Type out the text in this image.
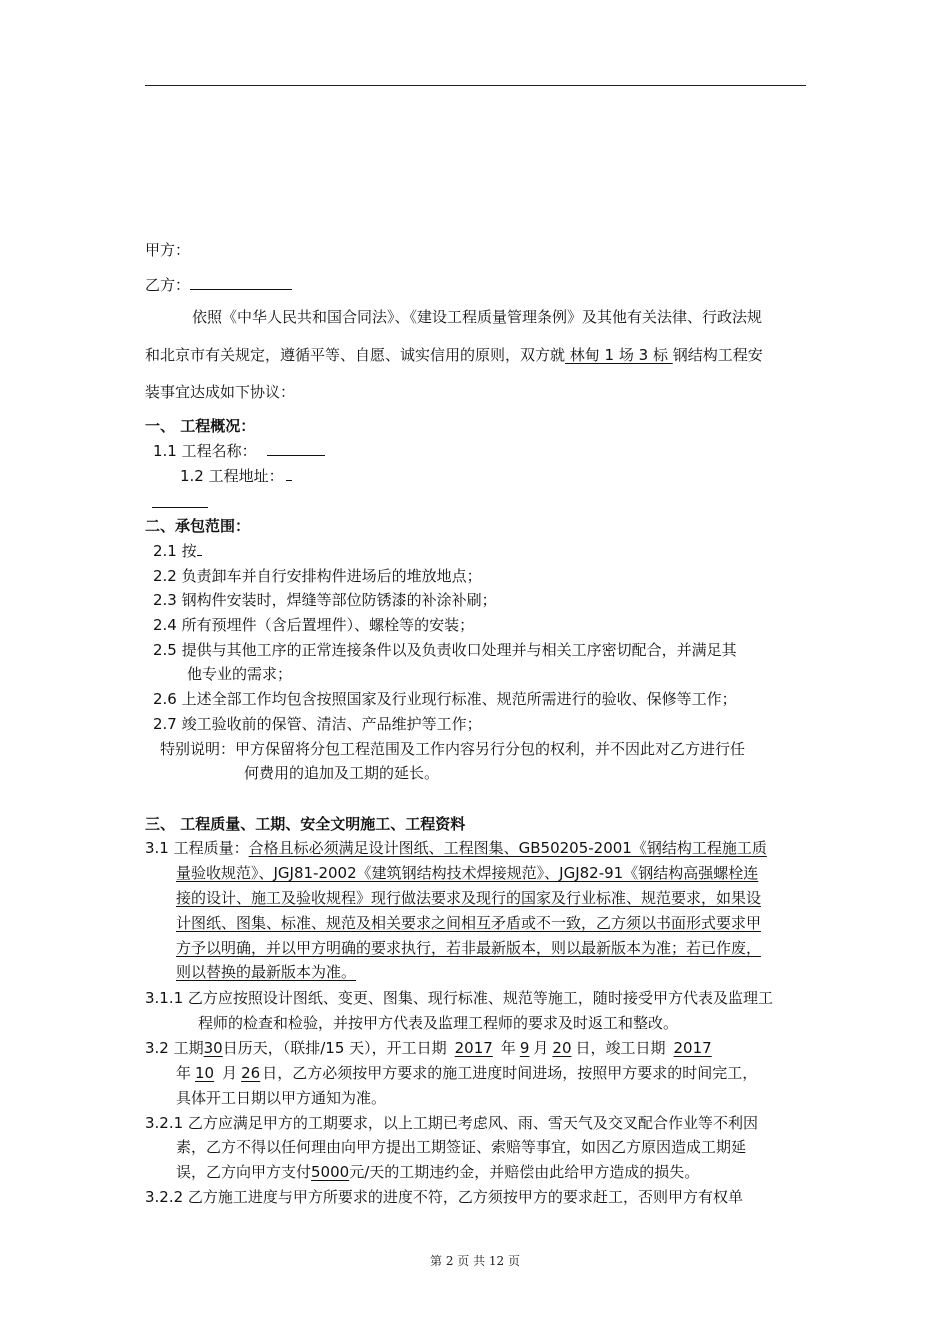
甲方：
乙方：
依照《中华人民共和国合同法》、《建设工程质量管理条例》及其他有关法律、行政法规
和北京市有关规定，遵循平等、自愿、诚实信用的原则，双方就 林甸 1 场 3 标 钢结构工程安
装事宜达成如下协议：
一、 工程概况：
1.1 工程名称：
1.2 工程地址：
二、承包范围：
2.1 按
2.2 负责卸车并自行安排构件进场后的堆放地点；
2.3 钢构件安装时，焊缝等部位防锈漆的补涂补刷；
2.4 所有预埋件（含后置埋件）、螺栓等的安装；
2.5 提供与其他工序的正常连接条件以及负责收口处理并与相关工序密切配合，并满足其
他专业的需求；
2.6 上述全部工作均包含按照国家及行业现行标准、规范所需进行的验收、保修等工作；
2.7 竣工验收前的保管、清洁、产品维护等工作；
特别说明：甲方保留将分包工程范围及工作内容另行分包的权利，并不因此对乙方进行任
何费用的追加及工期的延长。
三、 工程质量、工期、安全文明施工、工程资料
3.1 工程质量：合格且标必须满足设计图纸、工程图集、GB50205-2001《钢结构工程施工质
量验收规范》、JGJ81-2002《建筑钢结构技术焊接规范》、JGJ82-91《钢结构高强螺栓连
接的设计、施工及验收规程》现行做法要求及现行的国家及行业标准、规范要求，如果设
计图纸、图集、标准、规范及相关要求之间相互矛盾或不一致，乙方须以书面形式要求甲
方予以明确，并以甲方明确的要求执行，若非最新版本，则以最新版本为准；若已作废，
则以替换的最新版本为准。
3.1.1 乙方应按照设计图纸、变更、图集、现行标准、规范等施工，随时接受甲方代表及监理工
程师的检查和检验，并按甲方代表及监理工程师的要求及时返工和整改。
3.2 工期30日历天，（联排/15 天），开工日期 2017 年 9 月 20 日，竣工日期 2017
年 10 月 26 日，乙方必须按甲方要求的施工进度时间进场，按照甲方要求的时间完工，
具体开工日期以甲方通知为准。
3.2.1 乙方应满足甲方的工期要求，以上工期已考虑风、雨、雪天气及交叉配合作业等不利因
素，乙方不得以任何理由向甲方提出工期签证、索赔等事宜，如因乙方原因造成工期延
误，乙方向甲方支付5000元/天的工期违约金，并赔偿由此给甲方造成的损失。
3.2.2 乙方施工进度与甲方所要求的进度不符，乙方须按甲方的要求赶工，否则甲方有权单
第 2 页 共 12 页
